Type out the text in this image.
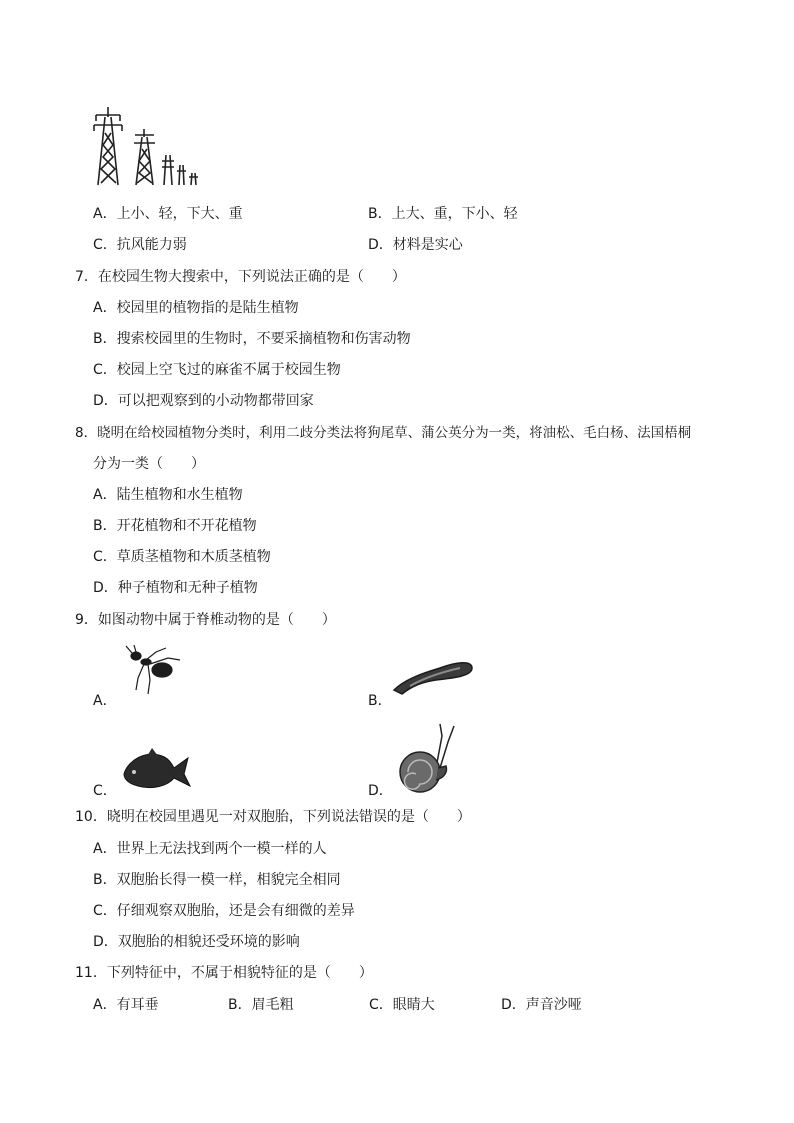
A．上小、轻，下大、重	B．上大、重，下小、轻
C．抗风能力弱	D．材料是实心
7．在校园生物大搜索中，下列说法正确的是（　　）
A．校园里的植物指的是陆生植物
B．搜索校园里的生物时，不要采摘植物和伤害动物
C．校园上空飞过的麻雀不属于校园生物
D．可以把观察到的小动物都带回家
8．晓明在给校园植物分类时，利用二歧分类法将狗尾草、蒲公英分为一类，将油松、毛白杨、法国梧桐
分为一类（　　）
A．陆生植物和水生植物
B．开花植物和不开花植物
C．草质茎植物和木质茎植物
D．种子植物和无种子植物
9．如图动物中属于脊椎动物的是（　　）
A．	B．
C．	D．
10．晓明在校园里遇见一对双胞胎，下列说法错误的是（　　）
A．世界上无法找到两个一模一样的人
B．双胞胎长得一模一样，相貌完全相同
C．仔细观察双胞胎，还是会有细微的差异
D．双胞胎的相貌还受环境的影响
11．下列特征中，不属于相貌特征的是（　　）
A．有耳垂	B．眉毛粗	C．眼睛大	D．声音沙哑
